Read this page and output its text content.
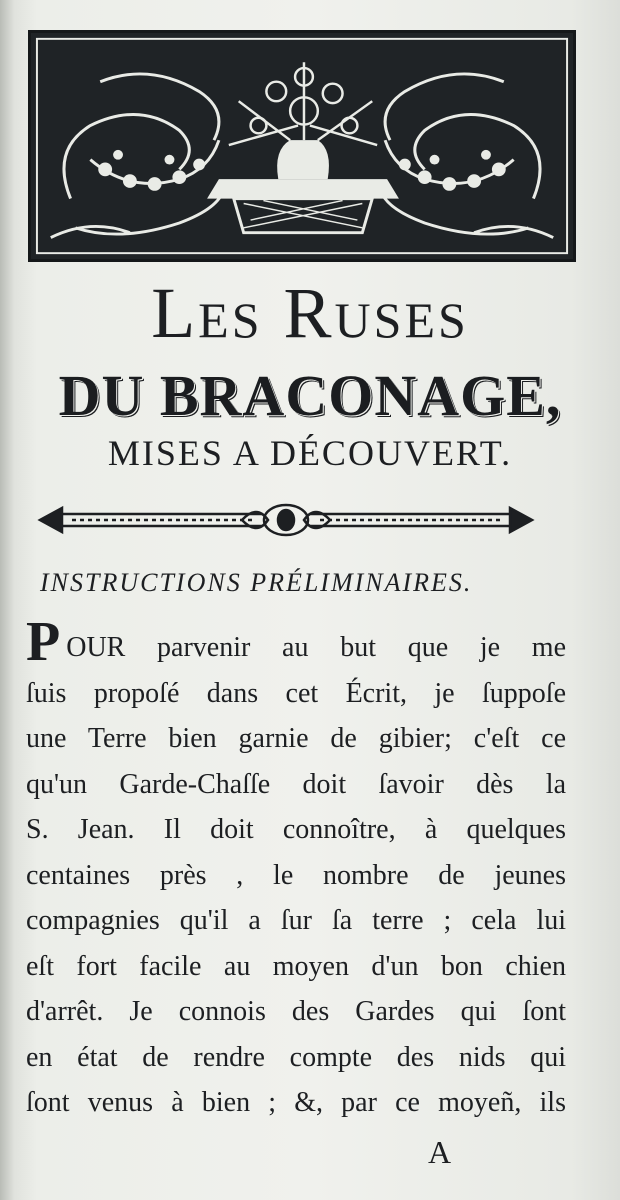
Les Ruses
DU BRACONAGE,
MISES A DÉCOUVERT.
INSTRUCTIONS PRÉLIMINAIRES.
POUR parvenir au but que je me
ſuis propoſé dans cet Écrit, je ſuppoſe
une Terre bien garnie de gibier; c'eſt ce
qu'un Garde-Chaſſe doit ſavoir dès la
S. Jean. Il doit connoître, à quelques
centaines près , le nombre de jeunes
compagnies qu'il a ſur ſa terre ; cela lui
eſt fort facile au moyen d'un bon chien
d'arrêt. Je connois des Gardes qui ſont
en état de rendre compte des nids qui
ſont venus à bien ; &, par ce moyeñ, ils
A
